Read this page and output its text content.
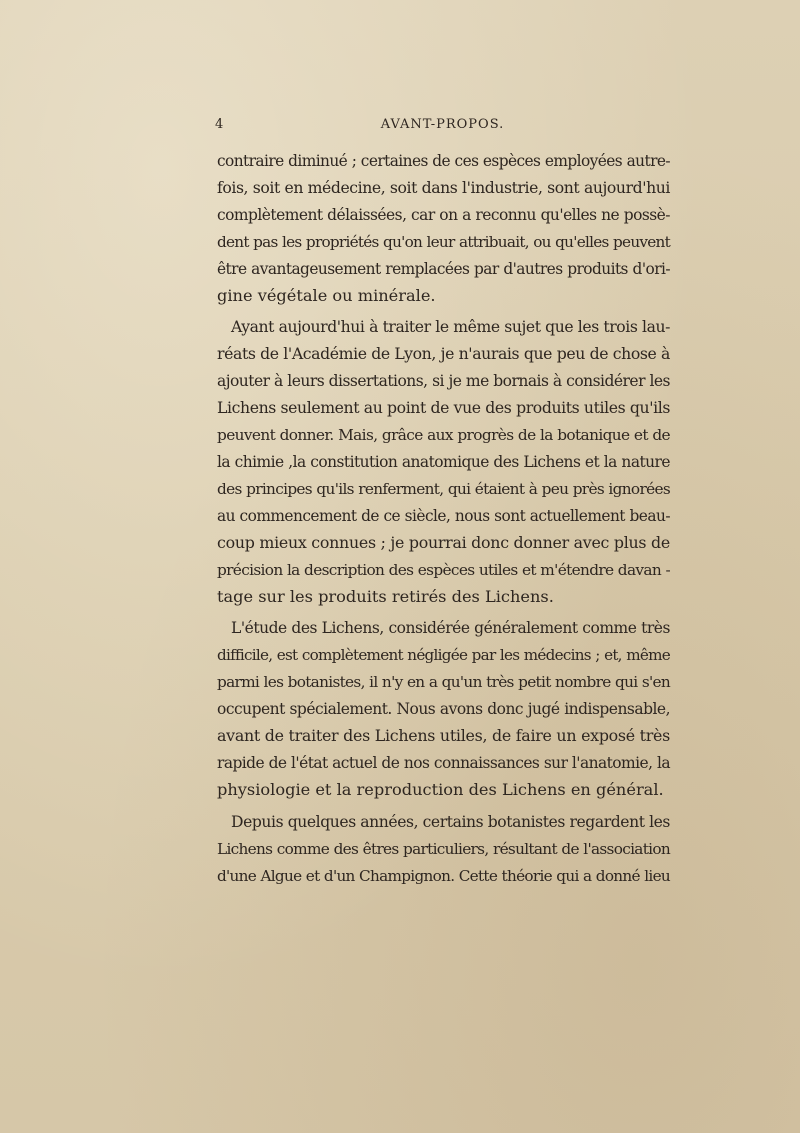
4	AVANT-PROPOS.

contraire diminué ; certaines de ces espèces employées autre-
fois, soit en médecine, soit dans l'industrie, sont aujourd'hui
complètement délaissées, car on a reconnu qu'elles ne possè-
dent pas les propriétés qu'on leur attribuait, ou qu'elles peuvent
être avantageusement remplacées par d'autres produits d'ori-
gine végétale ou minérale.

Ayant aujourd'hui à traiter le même sujet que les trois lau-
réats de l'Académie de Lyon, je n'aurais que peu de chose à
ajouter à leurs dissertations, si je me bornais à considérer les
Lichens seulement au point de vue des produits utiles qu'ils
peuvent donner. Mais, grâce aux progrès de la botanique et de
la chimie ,la constitution anatomique des Lichens et la nature
des principes qu'ils renferment, qui étaient à peu près ignorées
au commencement de ce siècle, nous sont actuellement beau-
coup mieux connues ; je pourrai donc donner avec plus de
précision la description des espèces utiles et m'étendre davan -
tage sur les produits retirés des Lichens.

L'étude des Lichens, considérée généralement comme très
difficile, est complètement négligée par les médecins ; et, même
parmi les botanistes, il n'y en a qu'un très petit nombre qui s'en
occupent spécialement. Nous avons donc jugé indispensable,
avant de traiter des Lichens utiles, de faire un exposé très
rapide de l'état actuel de nos connaissances sur l'anatomie, la
physiologie et la reproduction des Lichens en général.

Depuis quelques années, certains botanistes regardent les
Lichens comme des êtres particuliers, résultant de l'association
d'une Algue et d'un Champignon. Cette théorie qui a donné lieu
